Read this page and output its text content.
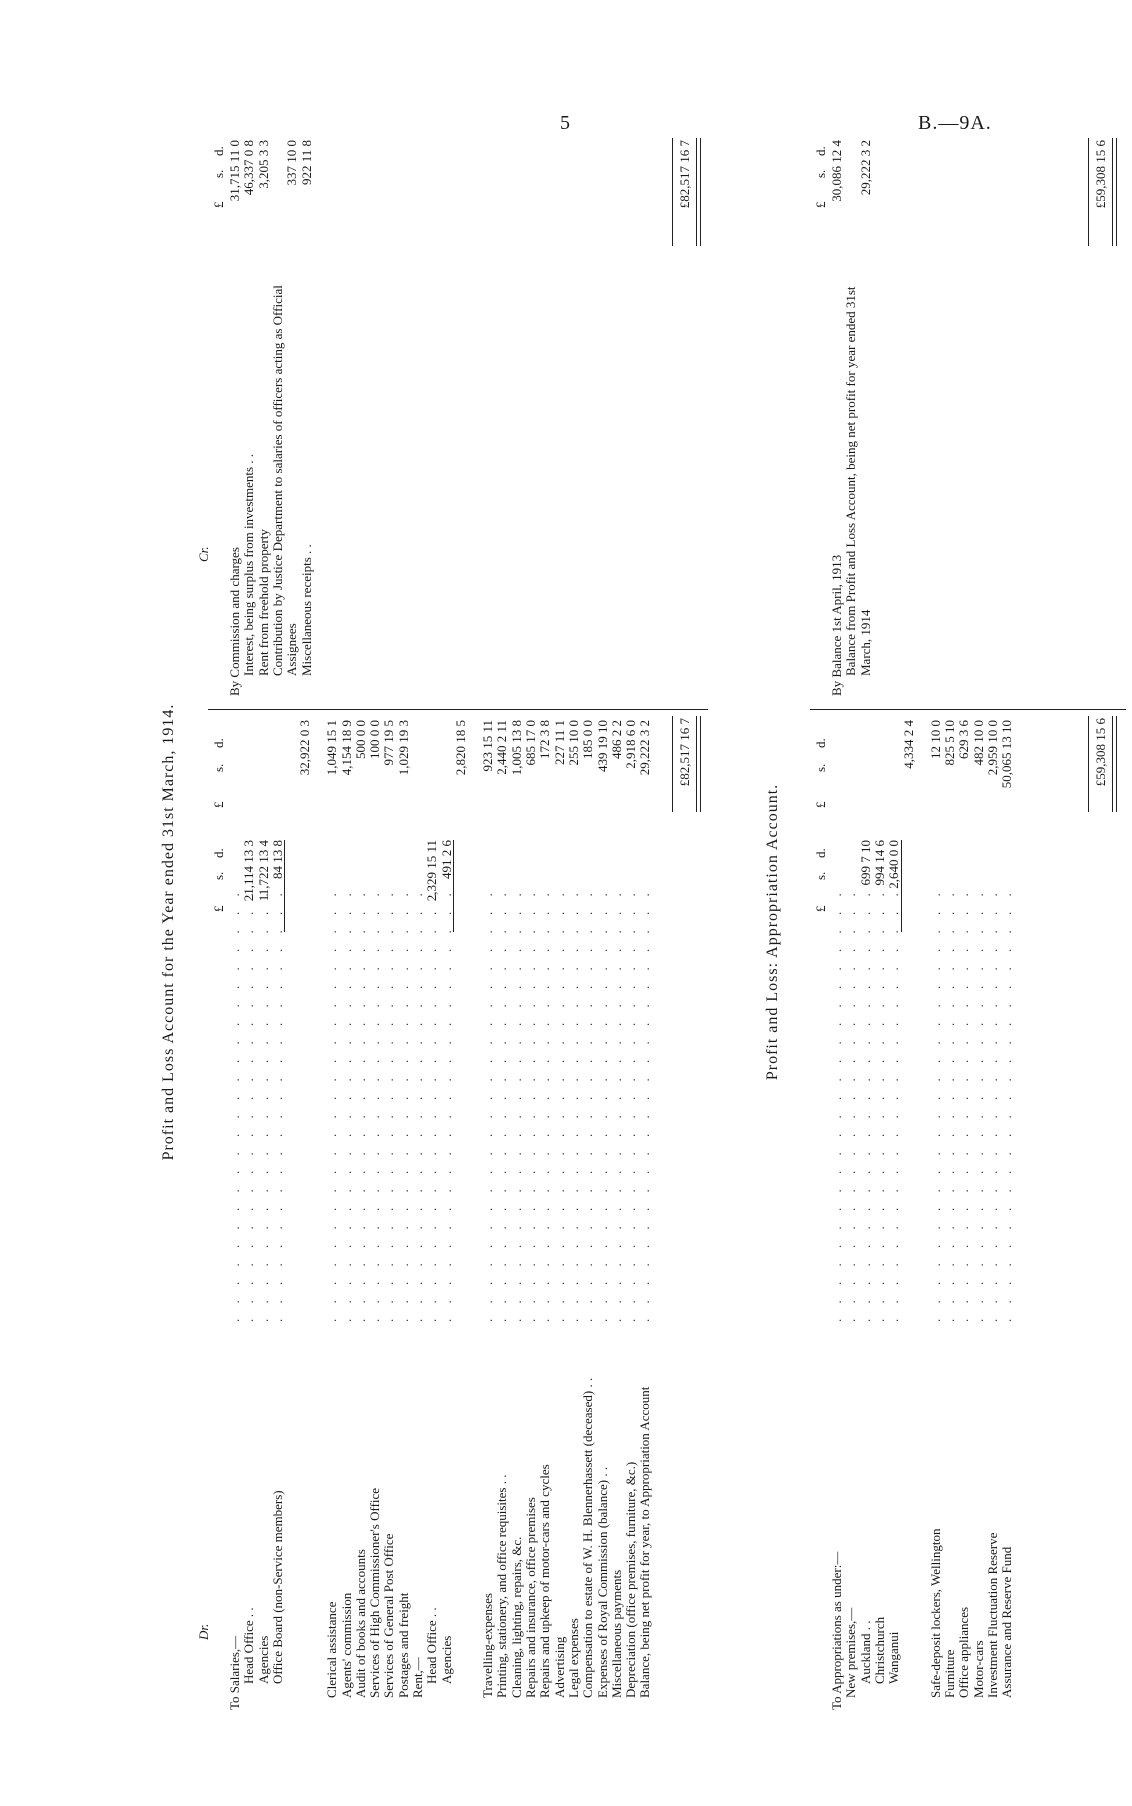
5	B.—9A.
Profit and Loss Account for the Year ended 31st March, 1914.
Dr.
Cr.
£
s.
d.
£
s.
d.
£
s.
d.
To Salaries,—
. . . . . . . . . . . . . . . . . . . . . . . .
Head Office . .
. . . . . . . . . . . . . . . . . . . . . . . .
21,114 13 3
Agencies
. . . . . . . . . . . . . . . . . . . . . . . .
11,722 13 4
Office Board (non-Service members)
. . . . . . . . . . . . . . . . . . . . . . . .
84 13 8
32,922 0 3
Clerical assistance
. . . . . . . . . . . . . . . . . . . . . . . .
1,049 15 1
Agents' commission
. . . . . . . . . . . . . . . . . . . . . . . .
4,154 18 9
Audit of books and accounts
. . . . . . . . . . . . . . . . . . . . . . . .
500 0 0
Services of High Commissioner's Office
. . . . . . . . . . . . . . . . . . . . . . . .
100 0 0
Services of General Post Office
. . . . . . . . . . . . . . . . . . . . . . . .
977 19 5
Postages and freight
. . . . . . . . . . . . . . . . . . . . . . . .
1,029 19 3
Rent,—
. . . . . . . . . . . . . . . . . . . . . . . .
Head Office . .
. . . . . . . . . . . . . . . . . . . . . . . .
2,329 15 11
Agencies
. . . . . . . . . . . . . . . . . . . . . . . .
491 2 6
2,820 18 5
Travelling-expenses
. . . . . . . . . . . . . . . . . . . . . . . .
923 15 11
Printing, stationery, and office requisites . .
. . . . . . . . . . . . . . . . . . . . . . . .
2,440 2 11
Cleaning, lighting, repairs, &c.
. . . . . . . . . . . . . . . . . . . . . . . .
1,005 13 8
Repairs and insurance, office premises
. . . . . . . . . . . . . . . . . . . . . . . .
685 17 0
Repairs and upkeep of motor-cars and cycles
. . . . . . . . . . . . . . . . . . . . . . . .
172 3 8
Advertising
. . . . . . . . . . . . . . . . . . . . . . . .
227 11 1
Legal expenses
. . . . . . . . . . . . . . . . . . . . . . . .
255 10 0
Compensation to estate of W. H. Blennerhassett (deceased) . .
. . . . . . . . . . . . . . . . . . . . . . . .
185 0 0
Expenses of Royal Commission (balance) . .
. . . . . . . . . . . . . . . . . . . . . . . .
439 19 10
Miscellaneous payments
. . . . . . . . . . . . . . . . . . . . . . . .
486 2 2
Depreciation (office premises, furniture, &c.)
. . . . . . . . . . . . . . . . . . . . . . . .
2,918 6 0
Balance, being net profit for year, to Appropriation Account
. . . . . . . . . . . . . . . . . . . . . . . .
29,222 3 2
By Commission and charges
31,715 11 0
Interest, being surplus from investments . .
46,337 0 8
Rent from freehold property
3,205 3 3
Contribution by Justice Department to salaries of officers acting as Official Assignees
337 10 0
Miscellaneous receipts . .
922 11 8
£82,517 16 7
£82,517 16 7
Profit and Loss: Appropriation Account. £
s.
d.
£
s.
d.
£
s.
d.
To Appropriations as under:—
. . . . . . . . . . . . . . . . . . . . . . . .
New premises,—
. . . . . . . . . . . . . . . . . . . . . . . .
Auckland . .
. . . . . . . . . . . . . . . . . . . . . . . .
699 7 10
Christchurch
. . . . . . . . . . . . . . . . . . . . . . . .
994 14 6
Wanganui
. . . . . . . . . . . . . . . . . . . . . . . .
2,640 0 0
4,334 2 4
Safe-deposit lockers, Wellington
. . . . . . . . . . . . . . . . . . . . . . . .
12 10 0
Furniture
. . . . . . . . . . . . . . . . . . . . . . . .
825 5 10
Office appliances
. . . . . . . . . . . . . . . . . . . . . . . .
629 3 6
Motor-cars
. . . . . . . . . . . . . . . . . . . . . . . .
482 10 0
Investment Fluctuation Reserve
. . . . . . . . . . . . . . . . . . . . . . . .
2,959 10 0
Assurance and Reserve Fund
. . . . . . . . . . . . . . . . . . . . . . . .
50,065 13 10
By Balance 1st April, 1913
30,086 12 4
Balance from Profit and Loss Account, being net profit for year ended 31st March, 1914
29,222 3 2
£59,308 15 6
£59,308 15 6
